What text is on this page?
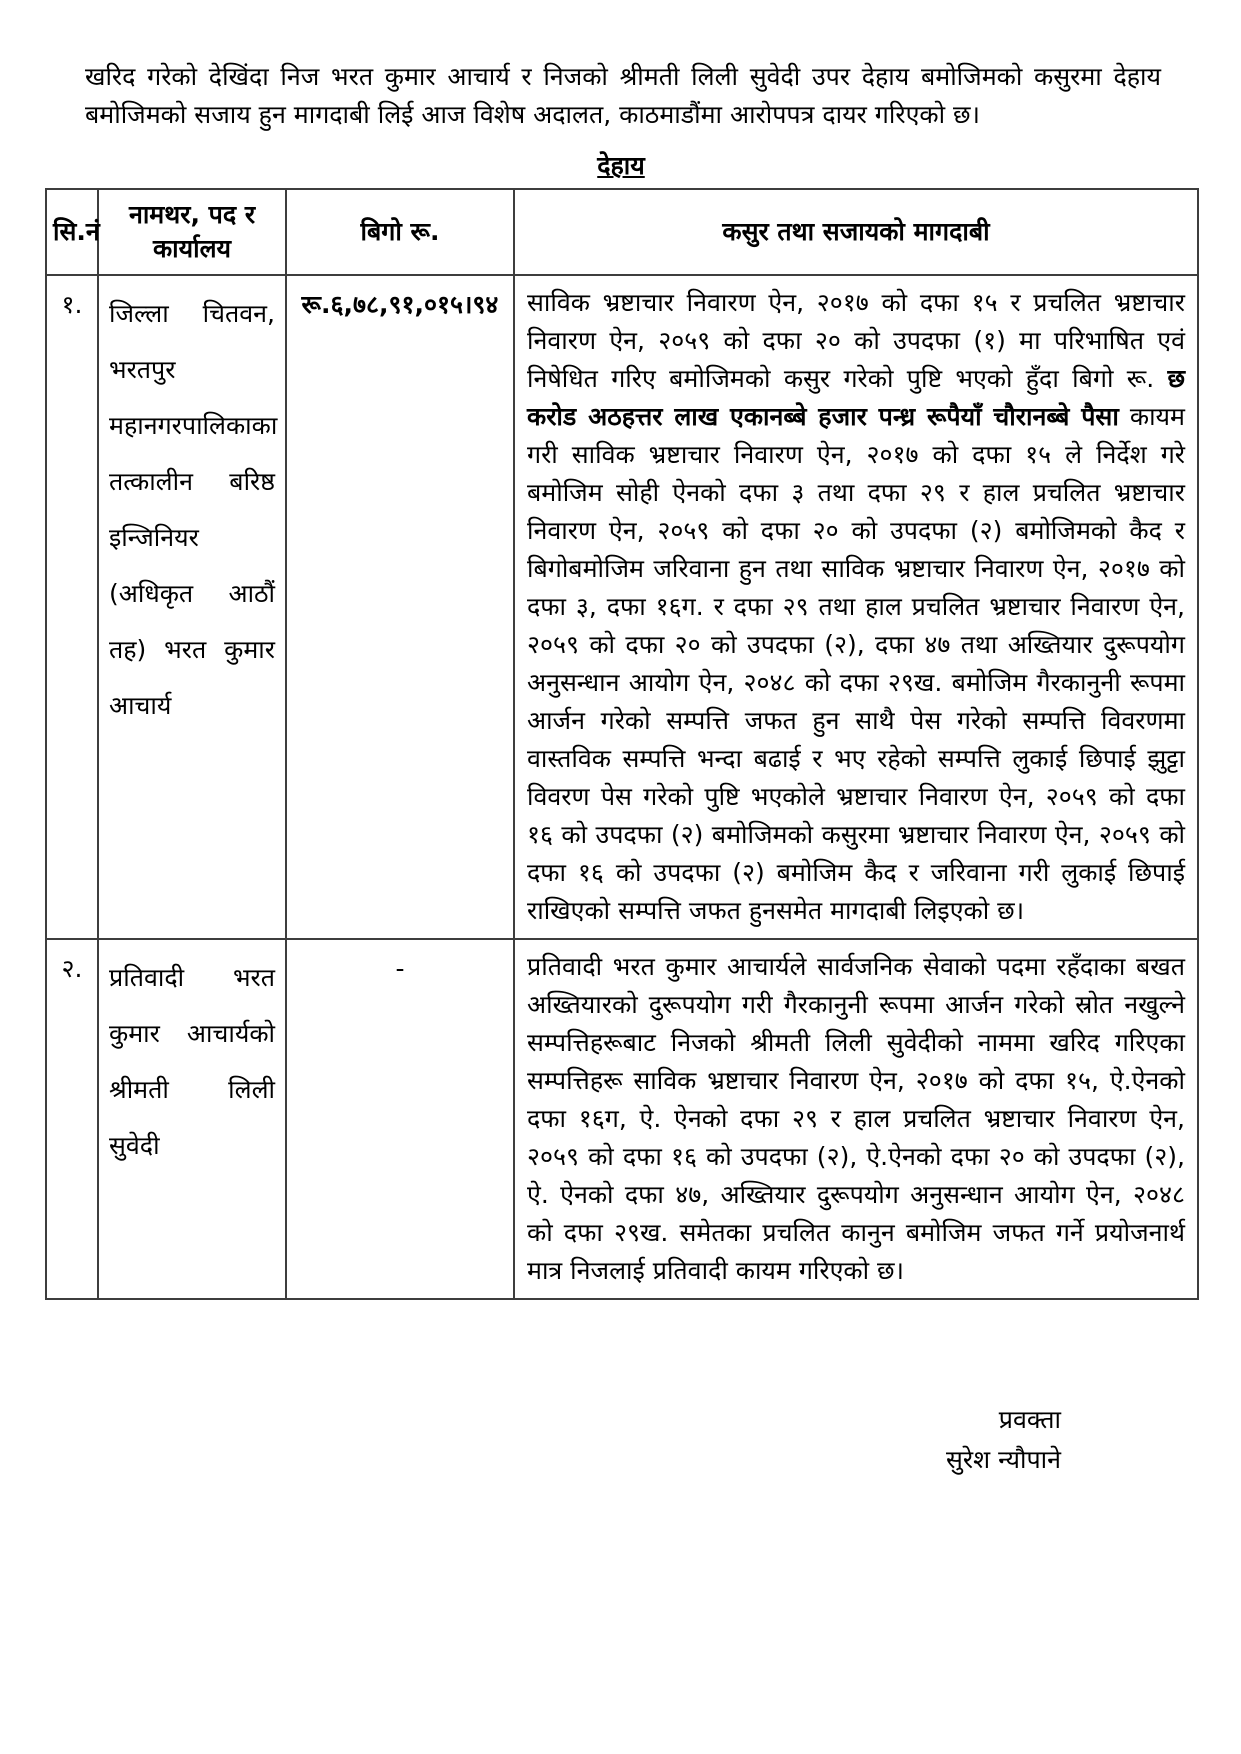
खरिद गरेको देखिंदा निज भरत कुमार आचार्य र निजको श्रीमती लिली सुवेदी उपर देहाय बमोजिमको कसुरमा देहाय बमोजिमको सजाय हुन मागदाबी लिई आज विशेष अदालत, काठमाडौंमा आरोपपत्र दायर गरिएको छ।

देहाय
सि.नं	नामथर, पद र कार्यालय	बिगो रू.	कसुर तथा सजायको मागदाबी
१.	जिल्ला चितवन, भरतपुर महानगरपालिकाका तत्कालीन बरिष्ठ इन्जिनियर (अधिकृत आठौं तह) भरत कुमार आचार्य	रू.६,७८,९१,०१५।९४	साविक भ्रष्टाचार निवारण ऐन, २०१७ को दफा १५ र प्रचलित भ्रष्टाचार निवारण ऐन, २०५९ को दफा २० को उपदफा (१) मा परिभाषित एवं निषेधित गरिए बमोजिमको कसुर गरेको पुष्टि भएको हुँदा बिगो रू. छ करोड अठहत्तर लाख एकानब्बे हजार पन्ध्र रूपैयाँ चौरानब्बे पैसा कायम गरी साविक भ्रष्टाचार निवारण ऐन, २०१७ को दफा १५ ले निर्देश गरे बमोजिम सोही ऐनको दफा ३ तथा दफा २९ र हाल प्रचलित भ्रष्टाचार निवारण ऐन, २०५९ को दफा २० को उपदफा (२) बमोजिमको कैद र बिगोबमोजिम जरिवाना हुन तथा साविक भ्रष्टाचार निवारण ऐन, २०१७ को दफा ३, दफा १६ग. र दफा २९ तथा हाल प्रचलित भ्रष्टाचार निवारण ऐन, २०५९ को दफा २० को उपदफा (२), दफा ४७ तथा अख्तियार दुरूपयोग अनुसन्धान आयोग ऐन, २०४८ को दफा २९ख. बमोजिम गैरकानुनी रूपमा आर्जन गरेको सम्पत्ति जफत हुन साथै पेस गरेको सम्पत्ति विवरणमा वास्तविक सम्पत्ति भन्दा बढाई र भए रहेको सम्पत्ति लुकाई छिपाई झुट्टा विवरण पेस गरेको पुष्टि भएकोले भ्रष्टाचार निवारण ऐन, २०५९ को दफा १६ को उपदफा (२) बमोजिमको कसुरमा भ्रष्टाचार निवारण ऐन, २०५९ को दफा १६ को उपदफा (२) बमोजिम कैद र जरिवाना गरी लुकाई छिपाई राखिएको सम्पत्ति जफत हुनसमेत मागदाबी लिइएको छ।
२.	प्रतिवादी भरत कुमार आचार्यको श्रीमती लिली सुवेदी	-	प्रतिवादी भरत कुमार आचार्यले सार्वजनिक सेवाको पदमा रहँदाका बखत अख्तियारको दुरूपयोग गरी गैरकानुनी रूपमा आर्जन गरेको स्रोत नखुल्ने सम्पत्तिहरूबाट निजको श्रीमती लिली सुवेदीको नाममा खरिद गरिएका सम्पत्तिहरू साविक भ्रष्टाचार निवारण ऐन, २०१७ को दफा १५, ऐ.ऐनको दफा १६ग, ऐ. ऐनको दफा २९ र हाल प्रचलित भ्रष्टाचार निवारण ऐन, २०५९ को दफा १६ को उपदफा (२), ऐ.ऐनको दफा २० को उपदफा (२), ऐ. ऐनको दफा ४७, अख्तियार दुरूपयोग अनुसन्धान आयोग ऐन, २०४८ को दफा २९ख. समेतका प्रचलित कानुन बमोजिम जफत गर्ने प्रयोजनार्थ मात्र निजलाई प्रतिवादी कायम गरिएको छ।
प्रवक्ता
सुरेश न्यौपाने
